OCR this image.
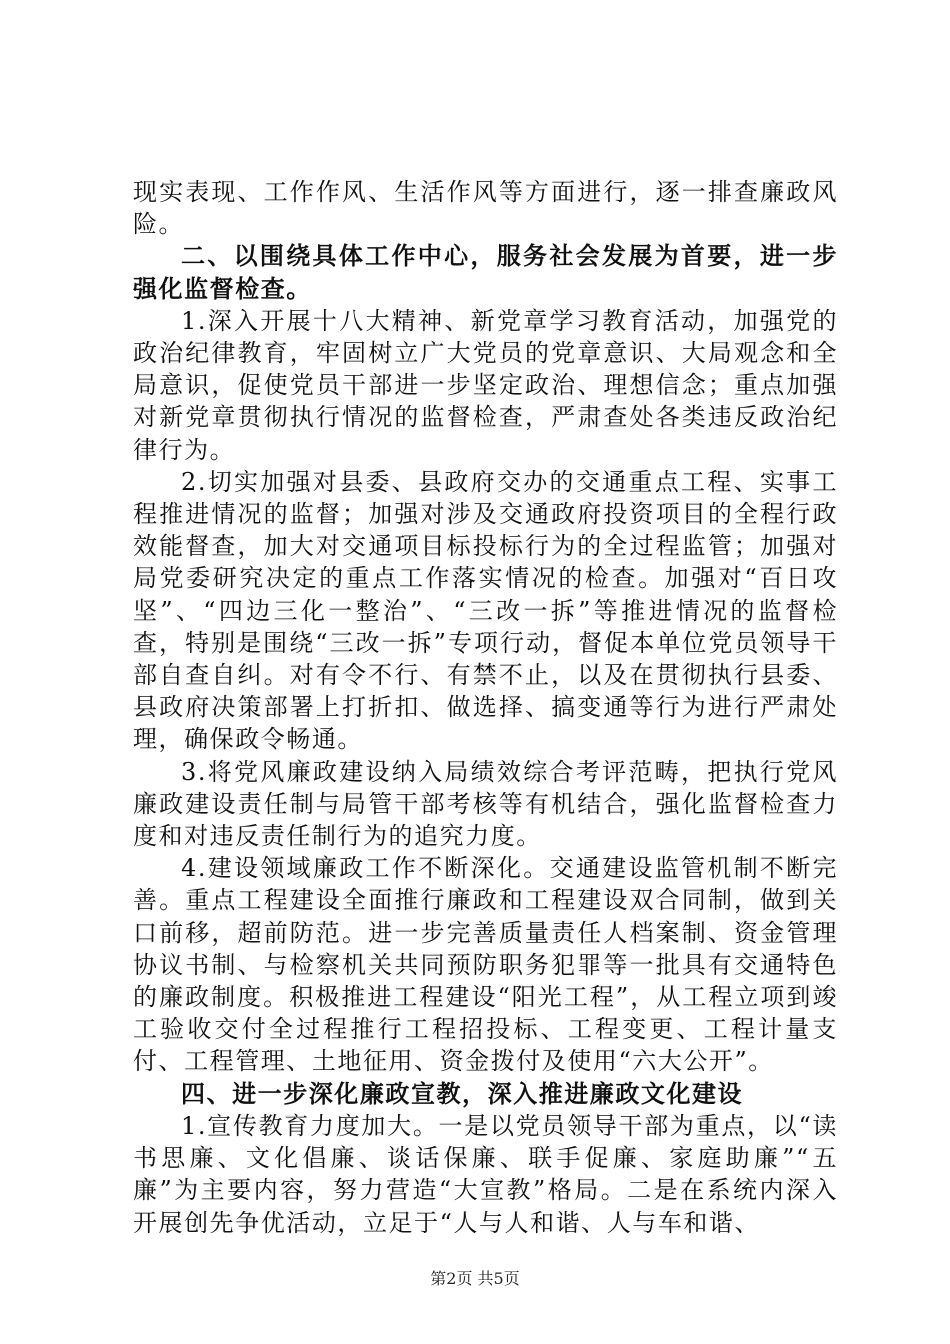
现实表现、工作作风、生活作风等方面进行，逐一排查廉政风险。

二、以围绕具体工作中心，服务社会发展为首要，进一步强化监督检查。

1.深入开展十八大精神、新党章学习教育活动，加强党的政治纪律教育，牢固树立广大党员的党章意识、大局观念和全局意识，促使党员干部进一步坚定政治、理想信念；重点加强对新党章贯彻执行情况的监督检查，严肃查处各类违反政治纪律行为。

2.切实加强对县委、县政府交办的交通重点工程、实事工程推进情况的监督；加强对涉及交通政府投资项目的全程行政效能督查，加大对交通项目标投标行为的全过程监管；加强对局党委研究决定的重点工作落实情况的检查。加强对“百日攻坚”、“四边三化一整治”、“三改一拆”等推进情况的监督检查，特别是围绕“三改一拆”专项行动，督促本单位党员领导干部自查自纠。对有令不行、有禁不止，以及在贯彻执行县委、县政府决策部署上打折扣、做选择、搞变通等行为进行严肃处理，确保政令畅通。

3.将党风廉政建设纳入局绩效综合考评范畴，把执行党风廉政建设责任制与局管干部考核等有机结合，强化监督检查力度和对违反责任制行为的追究力度。

4.建设领域廉政工作不断深化。交通建设监管机制不断完善。重点工程建设全面推行廉政和工程建设双合同制，做到关口前移，超前防范。进一步完善质量责任人档案制、资金管理协议书制、与检察机关共同预防职务犯罪等一批具有交通特色的廉政制度。积极推进工程建设“阳光工程”，从工程立项到竣工验收交付全过程推行工程招投标、工程变更、工程计量支付、工程管理、土地征用、资金拨付及使用“六大公开”。

四、进一步深化廉政宣教，深入推进廉政文化建设

1.宣传教育力度加大。一是以党员领导干部为重点，以“读书思廉、文化倡廉、谈话保廉、联手促廉、家庭助廉”“五廉”为主要内容，努力营造“大宣教”格局。二是在系统内深入开展创先争优活动，立足于“人与人和谐、人与车和谐、

第2页 共5页
